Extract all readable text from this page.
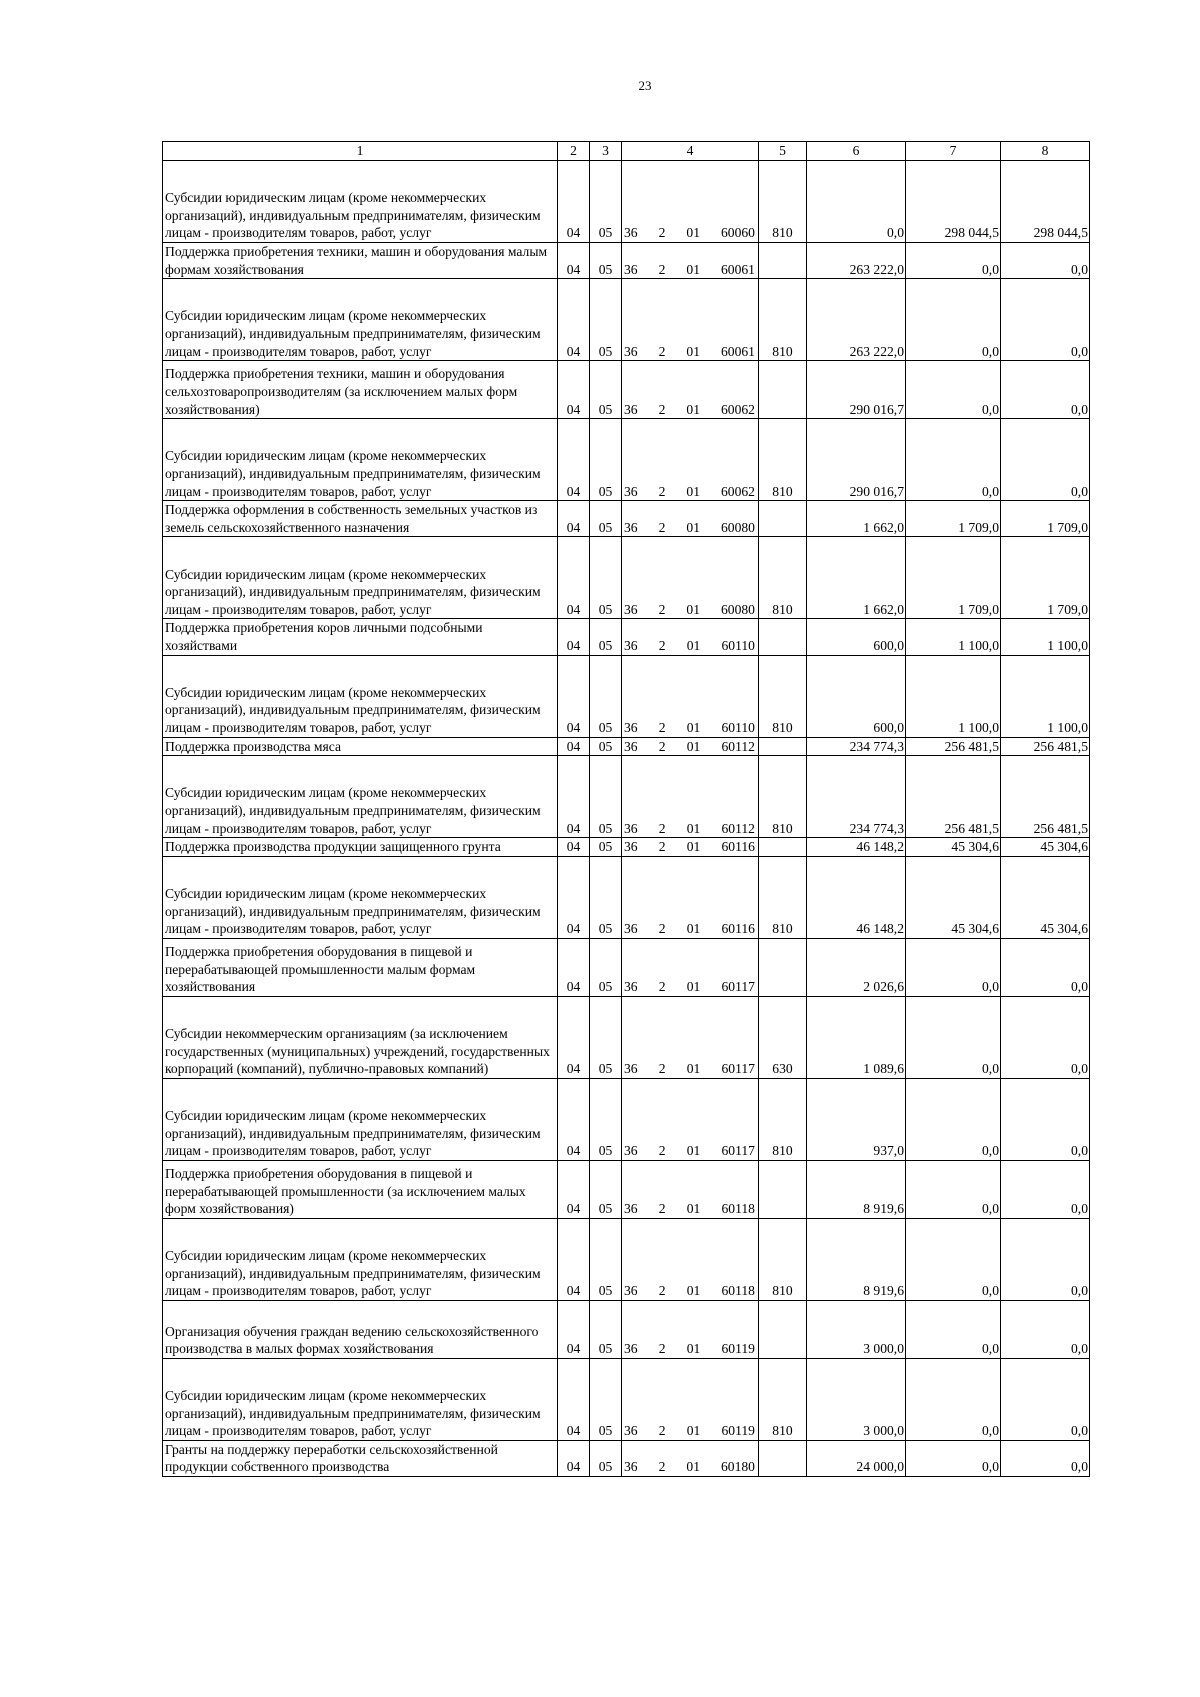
23
1	2	3	4	5	6	7	8
Субсидии юридическим лицам (кроме некоммерческих организаций), индивидуальным предпринимателям, физическим лицам - производителям товаров, работ, услуг	04	05	36 2 01 60060	810	0,0	298 044,5	298 044,5
Поддержка приобретения техники, машин и оборудования малым формам хозяйствования	04	05	36 2 01 60061		263 222,0	0,0	0,0
Субсидии юридическим лицам (кроме некоммерческих организаций), индивидуальным предпринимателям, физическим лицам - производителям товаров, работ, услуг	04	05	36 2 01 60061	810	263 222,0	0,0	0,0
Поддержка приобретения техники, машин и оборудования сельхозтоваропроизводителям (за исключением малых форм хозяйствования)	04	05	36 2 01 60062		290 016,7	0,0	0,0
Субсидии юридическим лицам (кроме некоммерческих организаций), индивидуальным предпринимателям, физическим лицам - производителям товаров, работ, услуг	04	05	36 2 01 60062	810	290 016,7	0,0	0,0
Поддержка оформления в собственность земельных участков из земель сельскохозяйственного назначения	04	05	36 2 01 60080		1 662,0	1 709,0	1 709,0
Субсидии юридическим лицам (кроме некоммерческих организаций), индивидуальным предпринимателям, физическим лицам - производителям товаров, работ, услуг	04	05	36 2 01 60080	810	1 662,0	1 709,0	1 709,0
Поддержка приобретения коров личными подсобными хозяйствами	04	05	36 2 01 60110		600,0	1 100,0	1 100,0
Субсидии юридическим лицам (кроме некоммерческих организаций), индивидуальным предпринимателям, физическим лицам - производителям товаров, работ, услуг	04	05	36 2 01 60110	810	600,0	1 100,0	1 100,0
Поддержка производства мяса	04	05	36 2 01 60112		234 774,3	256 481,5	256 481,5
Субсидии юридическим лицам (кроме некоммерческих организаций), индивидуальным предпринимателям, физическим лицам - производителям товаров, работ, услуг	04	05	36 2 01 60112	810	234 774,3	256 481,5	256 481,5
Поддержка производства продукции защищенного грунта	04	05	36 2 01 60116		46 148,2	45 304,6	45 304,6
Субсидии юридическим лицам (кроме некоммерческих организаций), индивидуальным предпринимателям, физическим лицам - производителям товаров, работ, услуг	04	05	36 2 01 60116	810	46 148,2	45 304,6	45 304,6
Поддержка приобретения оборудования в пищевой и перерабатывающей промышленности малым формам хозяйствования	04	05	36 2 01 60117		2 026,6	0,0	0,0
Субсидии некоммерческим организациям (за исключением государственных (муниципальных) учреждений, государственных корпораций (компаний), публично-правовых компаний)	04	05	36 2 01 60117	630	1 089,6	0,0	0,0
Субсидии юридическим лицам (кроме некоммерческих организаций), индивидуальным предпринимателям, физическим лицам - производителям товаров, работ, услуг	04	05	36 2 01 60117	810	937,0	0,0	0,0
Поддержка приобретения оборудования в пищевой и перерабатывающей промышленности (за исключением малых форм хозяйствования)	04	05	36 2 01 60118		8 919,6	0,0	0,0
Субсидии юридическим лицам (кроме некоммерческих организаций), индивидуальным предпринимателям, физическим лицам - производителям товаров, работ, услуг	04	05	36 2 01 60118	810	8 919,6	0,0	0,0
Организация обучения граждан ведению сельскохозяйственного производства в малых формах хозяйствования	04	05	36 2 01 60119		3 000,0	0,0	0,0
Субсидии юридическим лицам (кроме некоммерческих организаций), индивидуальным предпринимателям, физическим лицам - производителям товаров, работ, услуг	04	05	36 2 01 60119	810	3 000,0	0,0	0,0
Гранты на поддержку переработки сельскохозяйственной продукции собственного производства	04	05	36 2 01 60180		24 000,0	0,0	0,0
